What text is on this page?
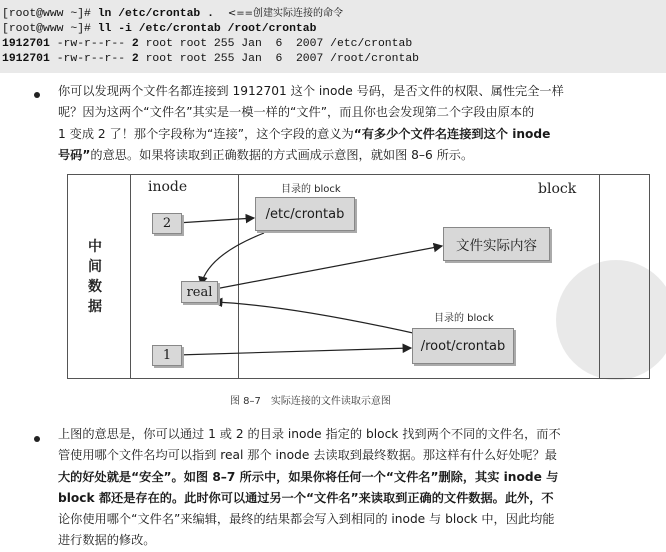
[root@www ~]# ln /etc/crontab . <==创建实际连接的命令
[root@www ~]# ll -i /etc/crontab /root/crontab
1912701 -rw-r--r-- 2 root root 255 Jan  6  2007 /etc/crontab
1912701 -rw-r--r-- 2 root root 255 Jan  6  2007 /root/crontab
你可以发现两个文件名都连接到 1912701 这个 inode 号码，是否文件的权限、属性完全一样
呢？因为这两个“文件名”其实是一模一样的“文件”，而且你也会发现第二个字段由原本的
1 变成 2 了！那个字段称为“连接”，这个字段的意义为“有多少个文件名连接到这个 inode
号码”的意思。如果将读取到正确数据的方式画成示意图，就如图 8–6 所示。
inode	block
中
间
数
据
目录的 block
目录的 block
2
/etc/crontab
文件实际内容
real
/root/crontab
1
图 8–7　实际连接的文件读取示意图
上图的意思是，你可以通过 1 或 2 的目录 inode 指定的 block 找到两个不同的文件名，而不
管使用哪个文件名均可以指到 real 那个 inode 去读取到最终数据。那这样有什么好处呢？最
大的好处就是“安全”。如图 8–7 所示中，如果你将任何一个“文件名”删除，其实 inode 与
block 都还是存在的。此时你可以通过另一个“文件名”来读取到正确的文件数据。此外，不
论你使用哪个“文件名”来编辑，最终的结果都会写入到相同的 inode 与 block 中，因此均能
进行数据的修改。
